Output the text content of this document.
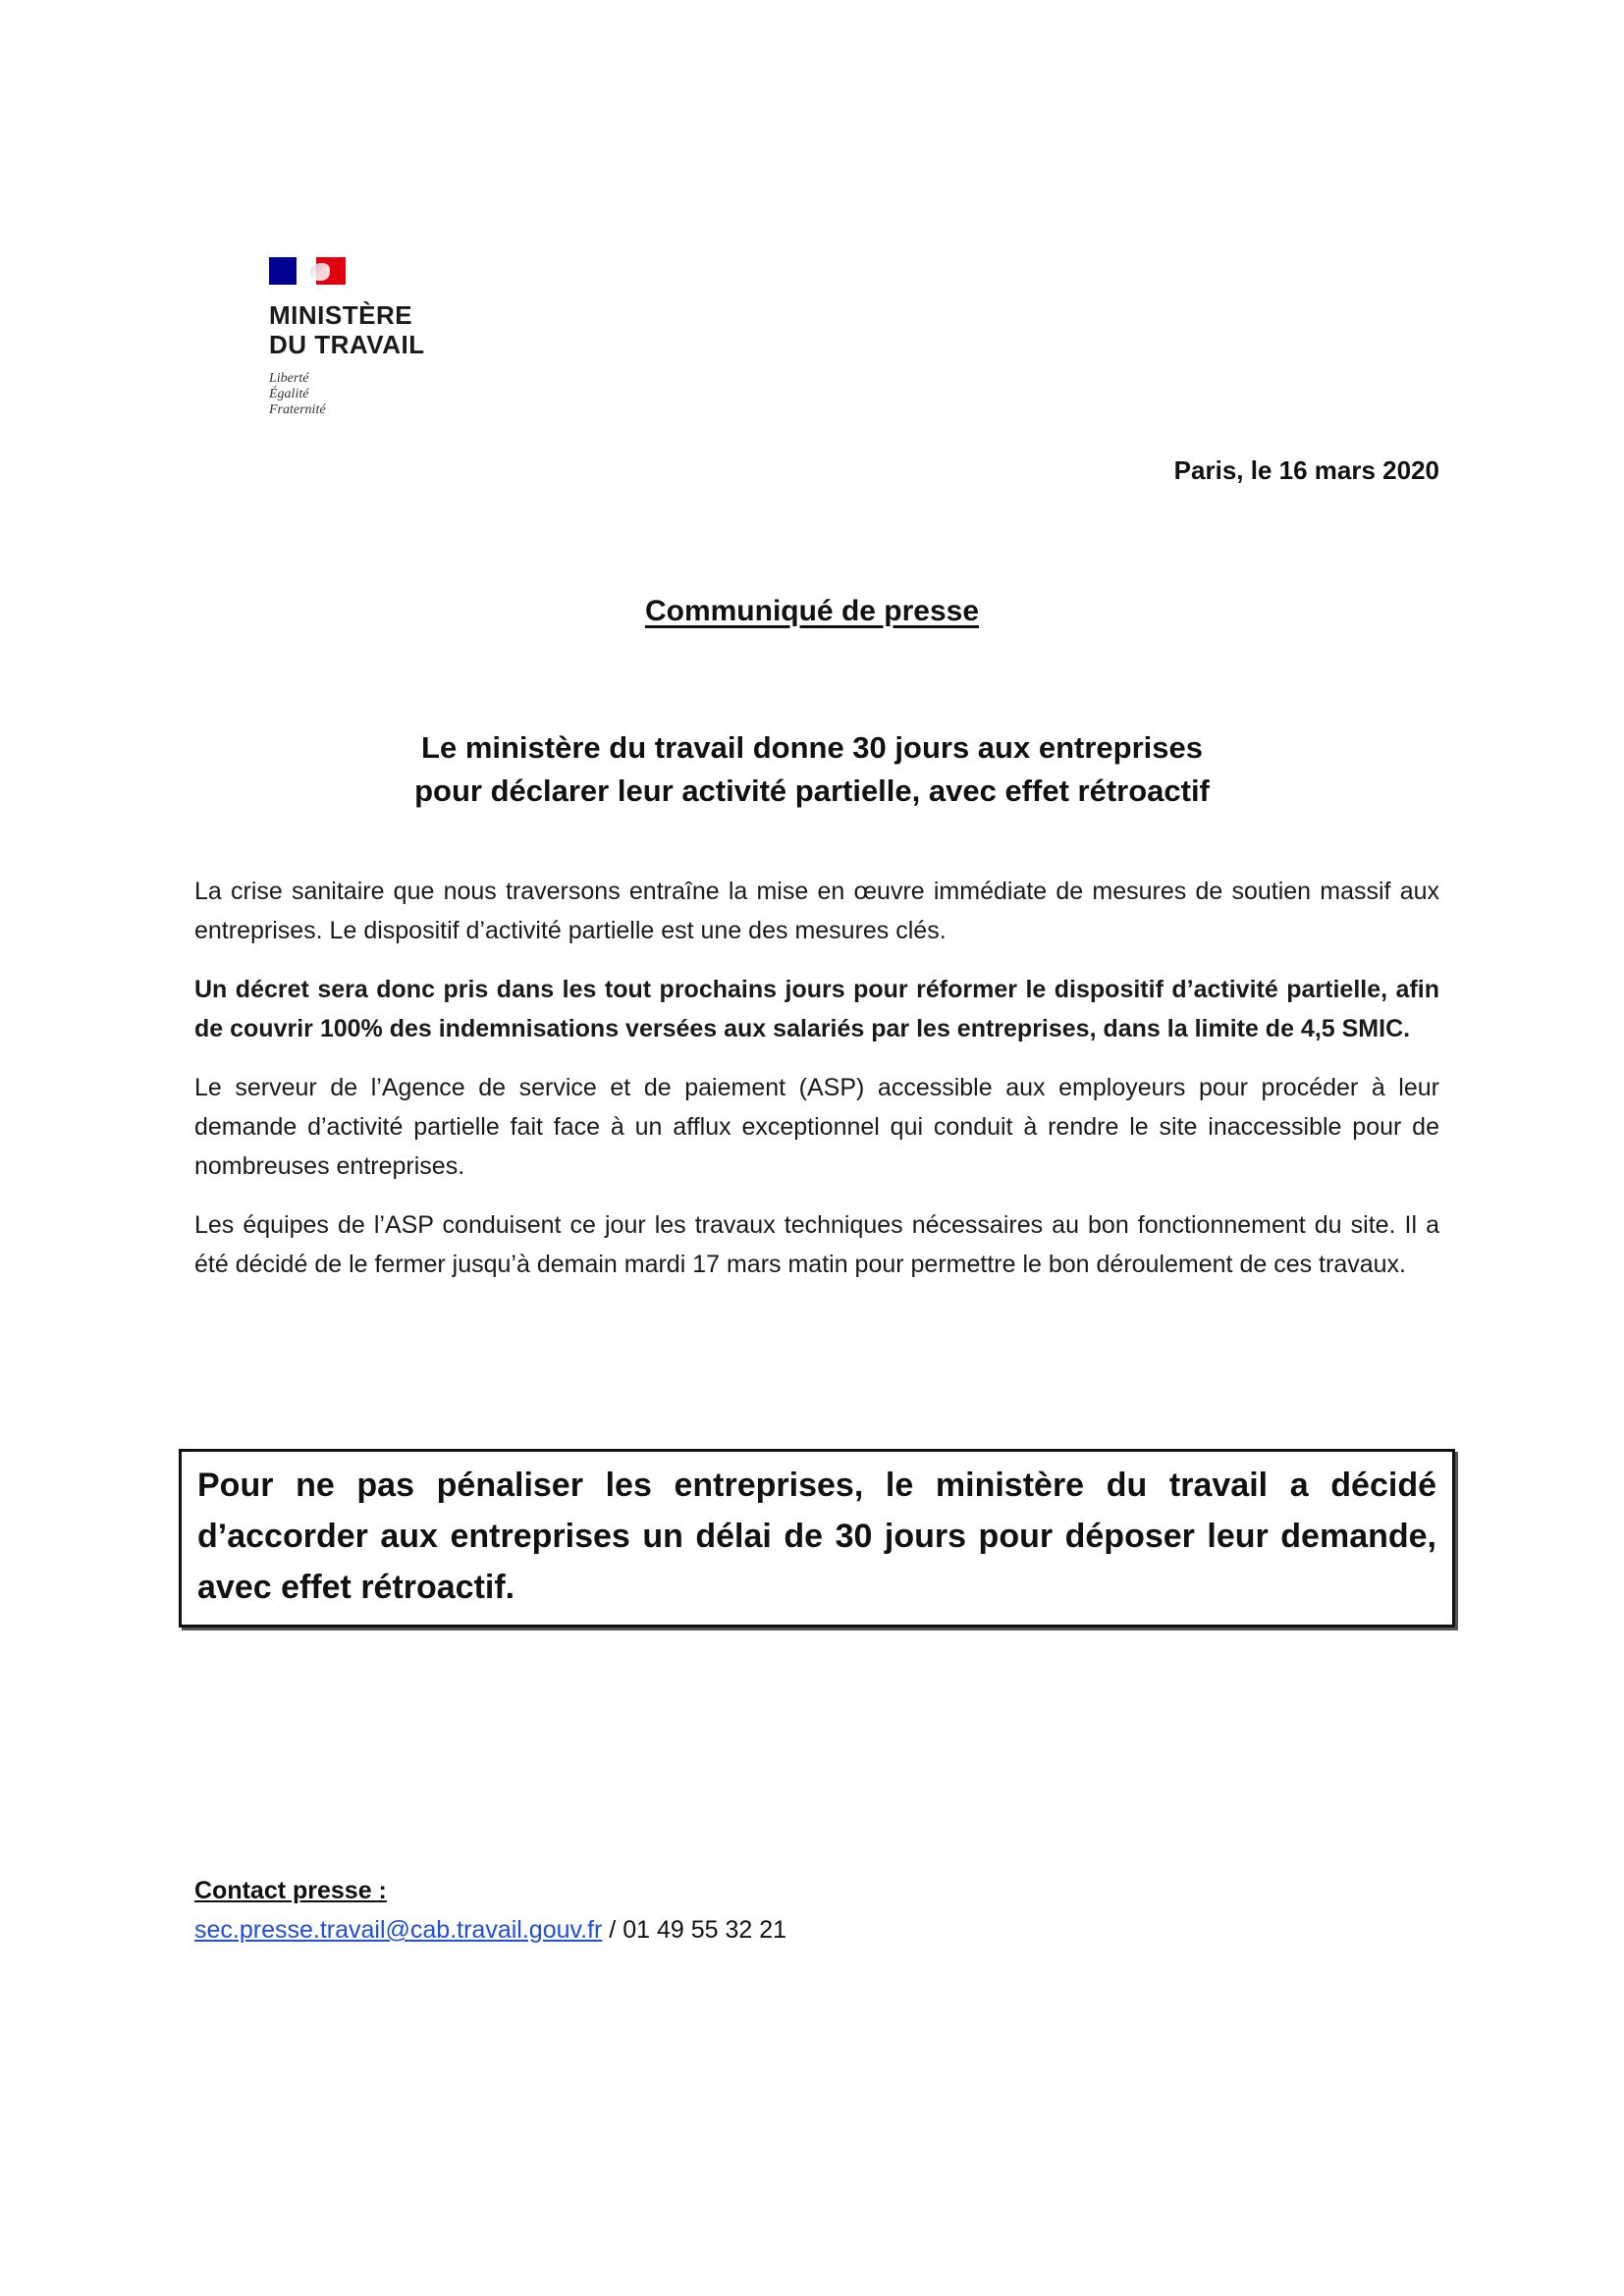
MINISTÈRE
DU TRAVAIL
Liberté
Égalité
Fraternité
Paris, le 16 mars 2020
Communiqué de presse
Le ministère du travail donne 30 jours aux entreprises
pour déclarer leur activité partielle, avec effet rétroactif

La crise sanitaire que nous traversons entraîne la mise en œuvre immédiate de mesures de soutien massif aux entreprises. Le dispositif d’activité partielle est une des mesures clés.

Un décret sera donc pris dans les tout prochains jours pour réformer le dispositif d’activité partielle, afin de couvrir 100% des indemnisations versées aux salariés par les entreprises, dans la limite de 4,5 SMIC.

Le serveur de l’Agence de service et de paiement (ASP) accessible aux employeurs pour procéder à leur demande d’activité partielle fait face à un afflux exceptionnel qui conduit à rendre le site inaccessible pour de nombreuses entreprises.

Les équipes de l’ASP conduisent ce jour les travaux techniques nécessaires au bon fonctionnement du site. Il a été décidé de le fermer jusqu’à demain mardi 17 mars matin pour permettre le bon déroulement de ces travaux.

Pour ne pas pénaliser les entreprises, le ministère du travail a décidé d’accorder aux entreprises un délai de 30 jours pour déposer leur demande, avec effet rétroactif.

Contact presse :
sec.presse.travail@cab.travail.gouv.fr / 01 49 55 32 21
